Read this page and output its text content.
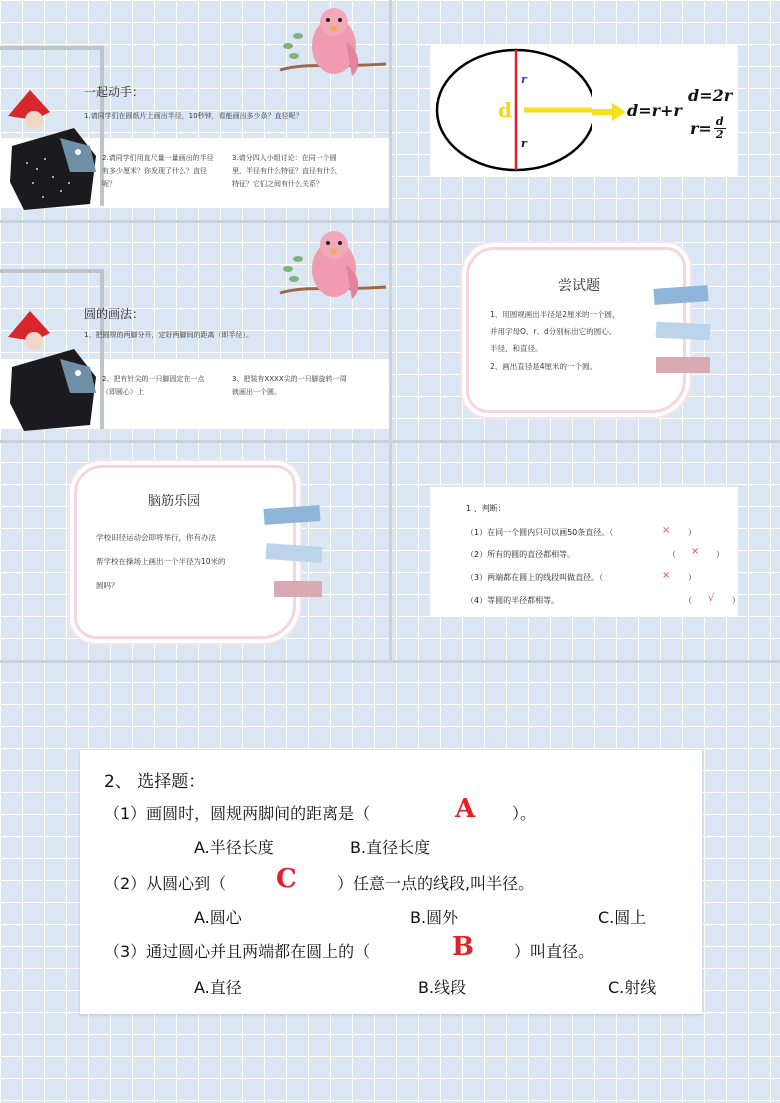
一起动手：
1.请同学们在圆纸片上画出半径，10秒钟，看能画出多少条？直径呢？
2.请同学们用直尺量一量画出的半径有多少厘米？你发现了什么？直径呢？
3.请分四人小组讨论：在同一个圆里，半径有什么特征？直径有什么特征？它们之间有什么关系？
d
r
r
d=r+r
d=2r
$r= \frac{d}{2}$
圆的画法：
1、把圆规的两脚分开，定好两脚间的距离（即半径）。
2、把有针尖的一只脚固定在一点（即圆心）上
3、把装有XXXX尖的一只脚旋转一周就画出一个圆。
尝试题
1、用圆规画出半径是2厘米的一个圆，
并用字母O、r、d分别标出它的圆心、
半径、和直径。
2、画出直径是4厘米的一个圆。
脑筋乐园
学校田径运动会即将举行，你有办法
帮学校在操场上画出一个半径为10米的
圆吗？
1 、判断：
（1）在同一个圆内只可以画50条直径。（	× ）
（2）所有的圆的直径都相等。	（ × ）
（3）两端都在圆上的线段叫做直径。（	× ）
（4）等圆的半径都相等。	（ √ ）
2、 选择题：
（1）画圆时，圆规两脚间的距离是（	A ）。
A.半径长度	B.直径长度
（2）从圆心到（ C	）任意一点的线段,叫半径。
A.圆心	B.圆外	C.圆上
（3）通过圆心并且两端都在圆上的（	B	）叫直径。
A.直径	B.线段	C.射线
